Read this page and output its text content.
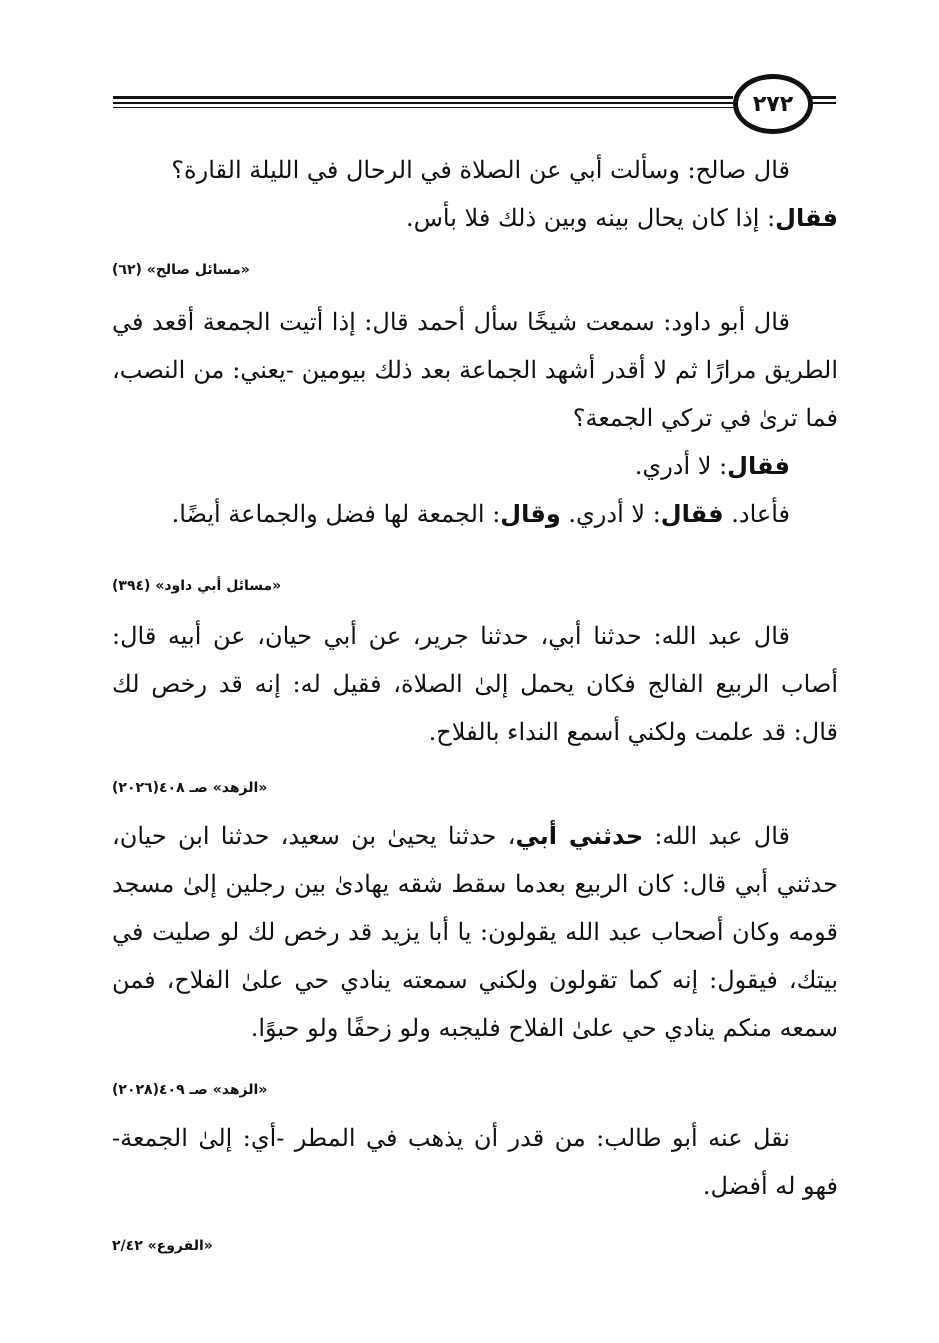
٢٧٢
قال صالح: وسألت أبي عن الصلاة في الرحال في الليلة القارة؟
فقال: إذا كان يحال بينه وبين ذلك فلا بأس.
«مسائل صالح» (٦٢)
قال أبو داود: سمعت شيخًا سأل أحمد قال: إذا أتيت الجمعة أقعد في الطريق مرارًا ثم لا أقدر أشهد الجماعة بعد ذلك بيومين -يعني: من النصب، فما ترىٰ في تركي الجمعة؟
فقال: لا أدري.
فأعاد. فقال: لا أدري. وقال: الجمعة لها فضل والجماعة أيضًا.
«مسائل أبي داود» (٣٩٤)
قال عبد الله: حدثنا أبي، حدثنا جرير، عن أبي حيان، عن أبيه قال: أصاب الربيع الفالج فكان يحمل إلىٰ الصلاة، فقيل له: إنه قد رخص لك قال: قد علمت ولكني أسمع النداء بالفلاح.
«الزهد» صـ ٤٠٨(٢٠٢٦)
قال عبد الله: حدثني أبي، حدثنا يحيىٰ بن سعيد، حدثنا ابن حيان، حدثني أبي قال: كان الربيع بعدما سقط شقه يهادىٰ بين رجلين إلىٰ مسجد قومه وكان أصحاب عبد الله يقولون: يا أبا يزيد قد رخص لك لو صليت في بيتك، فيقول: إنه كما تقولون ولكني سمعته ينادي حي علىٰ الفلاح، فمن سمعه منكم ينادي حي علىٰ الفلاح فليجبه ولو زحفًا ولو حبوًا.
«الزهد» صـ ٤٠٩(٢٠٢٨)
نقل عنه أبو طالب: من قدر أن يذهب في المطر -أي: إلىٰ الجمعة- فهو له أفضل.
«الفروع» ٢/٤٢
